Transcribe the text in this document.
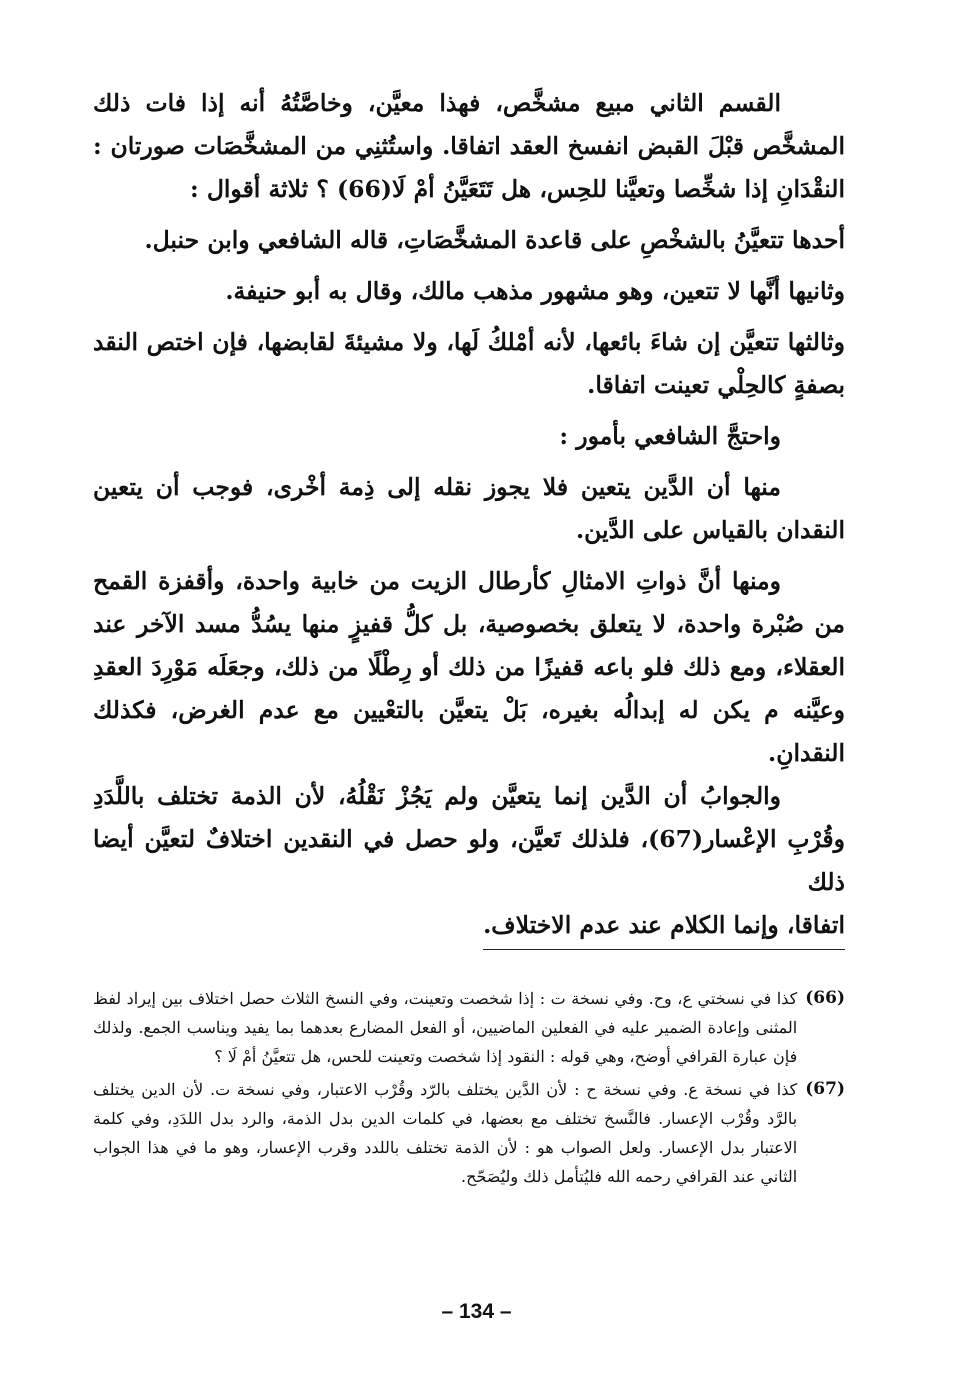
القسم الثاني مبيع مشخَّص، فهذا معيَّن، وخاصَّتُهُ أنه إذا فات ذلك المشخَّص قبْلَ القبض انفسخ العقد اتفاقا. واستُثنِي من المشخَّصَات صورتان : النقْدَانِ إذا شخِّصا وتعيَّنا للحِس، هل تَتَعَيَّنُ أمْ لَا(66) ؟ ثلاثة أقوال :

أحدها تتعيَّنُ بالشخْصِ على قاعدة المشخَّصَاتِ، قاله الشافعي وابن حنبل.

وثانيها أنَّها لا تتعين، وهو مشهور مذهب مالك، وقال به أبو حنيفة.

وثالثها تتعيَّن إن شاءَ بائعها، لأنه أمْلكُ لَها، ولا مشيئةَ لقابضها، فإن اختص النقد بصفةٍ كالحِلْي تعينت اتفاقا.

واحتجَّ الشافعي بأمور :

منها أن الدَّين يتعين فلا يجوز نقله إلى ذِمة أخْرى، فوجب أن يتعين النقدان بالقياس على الدَّين.

ومنها أنَّ ذواتِ الامثالِ كأرطال الزيت من خابية واحدة، وأقفزة القمح من صُبْرة واحدة، لا يتعلق بخصوصية، بل كلُّ قفيزٍ منها يسُدُّ مسد الآخر عند العقلاء، ومع ذلك فلو باعه قفيزًا من ذلك أو رِطْلًا من ذلك، وجعَلَه مَوْرِدَ العقدِ وعيَّنه م يكن له إبدالُه بغيره، بَلْ يتعيَّن بالتعْيين مع عدم الغرض، فكذلك النقدانِ.

والجوابُ أن الدَّين إنما يتعيَّن ولم يَجُزْ نَقْلُهُ، لأن الذمة تختلف باللَّدَدِ وقُرْبِ الإعْسار(67)، فلذلك تَعيَّن، ولو حصل في النقدين اختلافٌ لتعيَّن أيضا ذلك

اتفاقا، وإنما الكلام عند عدم الاختلاف.

(66)
كذا في نسختي ع، وح. وفي نسخة ت : إذا شخصت وتعينت، وفي النسخ الثلاث حصل اختلاف بين إيراد لفظ المثنى وإعادة الضمير عليه في الفعلين الماضيين، أو الفعل المضارع بعدهما بما يفيد ويناسب الجمع. ولذلك فإن عبارة القرافي أوضح، وهي قوله : النقود إذا شخصت وتعينت للحس، هل تتعيَّنُ أمْ لَا ؟
(67)
كذا في نسخة ع. وفي نسخة ح : لأن الدَّين يختلف بالرّد وقُرْب الاعتبار، وفي نسخة ت. لأن الدين يختلف بالرَّد وقُرْب الإعسار. فالنَّسخ تختلف مع بعضها، في كلمات الدين بدل الذمة، والرد بدل اللدَدِ، وفي كلمة الاعتبار بدل الإعسار. ولعل الصواب هو : لأن الذمة تختلف باللدد وقرب الإعسار، وهو ما في هذا الجواب الثاني عند القرافي رحمه الله فليُتأمل ذلك وليُصَحّح.
– 134 –
